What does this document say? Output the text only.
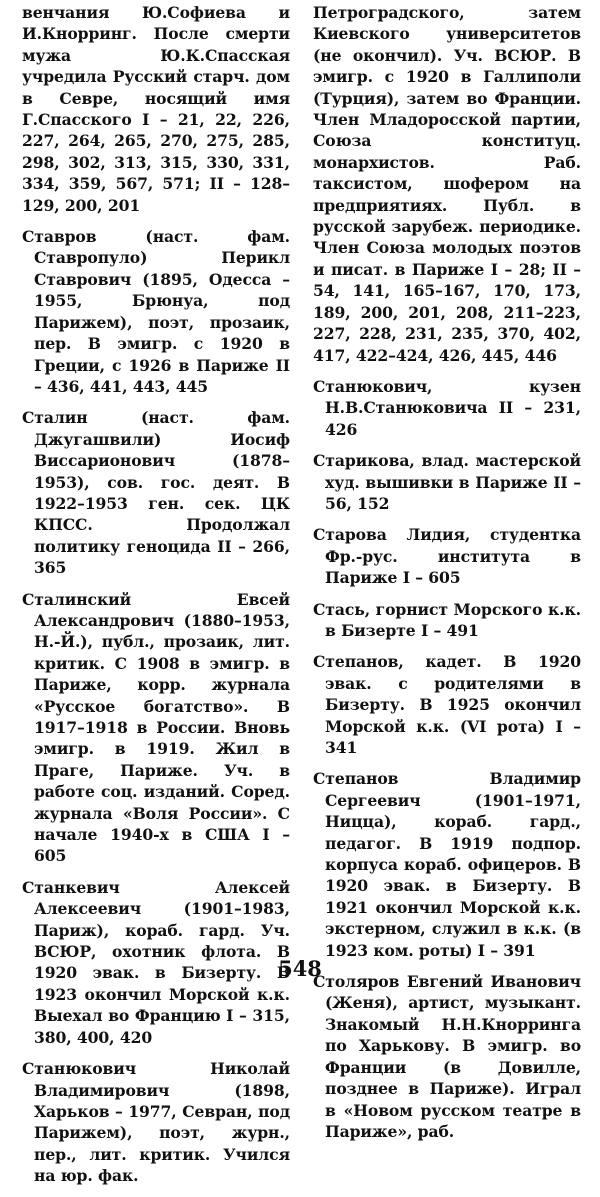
венчания Ю.Софиева и И.Кнорринг. После смерти мужа Ю.К.Спасская учредила Русский старч. дом в Севре, носящий имя Г.Спасского I – 21, 22, 226, 227, 264, 265, 270, 275, 285, 298, 302, 313, 315, 330, 331, 334, 359, 567, 571; II – 128–129, 200, 201

Ставров (наст. фам. Ставропуло) Перикл Ставрович (1895, Одесса – 1955, Брюнуа, под Парижем), поэт, прозаик, пер. В эмигр. с 1920 в Греции, с 1926 в Париже II – 436, 441, 443, 445

Сталин (наст. фам. Джугашвили) Иосиф Виссарионович (1878–1953), сов. гос. деят. В 1922–1953 ген. сек. ЦК КПСС. Продолжал политику геноцида II – 266, 365

Сталинский Евсей Александрович (1880–1953, Н.-Й.), публ., прозаик, лит. критик. С 1908 в эмигр. в Париже, корр. журнала «Русское богатство». В 1917–1918 в России. Вновь эмигр. в 1919. Жил в Праге, Париже. Уч. в работе соц. изданий. Соред. журнала «Воля России». С начале 1940-х в США I – 605

Станкевич Алексей Алексеевич (1901–1983, Париж), кораб. гард. Уч. ВСЮР, охотник флота. В 1920 эвак. в Бизерту. В 1923 окончил Морской к.к. Выехал во Францию I – 315, 380, 400, 420

Станюкович Николай Владимирович (1898, Харьков – 1977, Севран, под Парижем), поэт, журн., пер., лит. критик. Учился на юр. фак.

Петроградского, затем Киевского университетов (не окончил). Уч. ВСЮР. В эмигр. с 1920 в Галлиполи (Турция), затем во Франции. Член Младоросской партии, Союза конституц. монархистов. Раб. таксистом, шофером на предприятиях. Публ. в русской зарубеж. периодике. Член Союза молодых поэтов и писат. в Париже I – 28; II – 54, 141, 165–167, 170, 173, 189, 200, 201, 208, 211–223, 227, 228, 231, 235, 370, 402, 417, 422–424, 426, 445, 446

Станюкович, кузен Н.В.Станюковича II – 231, 426

Старикова, влад. мастерской худ. вышивки в Париже II – 56, 152

Старова Лидия, студентка Фр.-рус. института в Париже I – 605

Стась, горнист Морского к.к. в Бизерте I – 491

Степанов, кадет. В 1920 эвак. с родителями в Бизерту. В 1925 окончил Морской к.к. (VI рота) I – 341

Степанов Владимир Сергеевич (1901–1971, Ницца), кораб. гард., педагог. В 1919 подпор. корпуса кораб. офицеров. В 1920 эвак. в Бизерту. В 1921 окончил Морской к.к. экстерном, служил в к.к. (в 1923 ком. роты) I – 391

Столяров Евгений Иванович (Женя), артист, музыкант. Знакомый Н.Н.Кнорринга по Харькову. В эмигр. во Франции (в Довилле, позднее в Париже). Играл в «Новом русском театре в Париже», раб.

548
